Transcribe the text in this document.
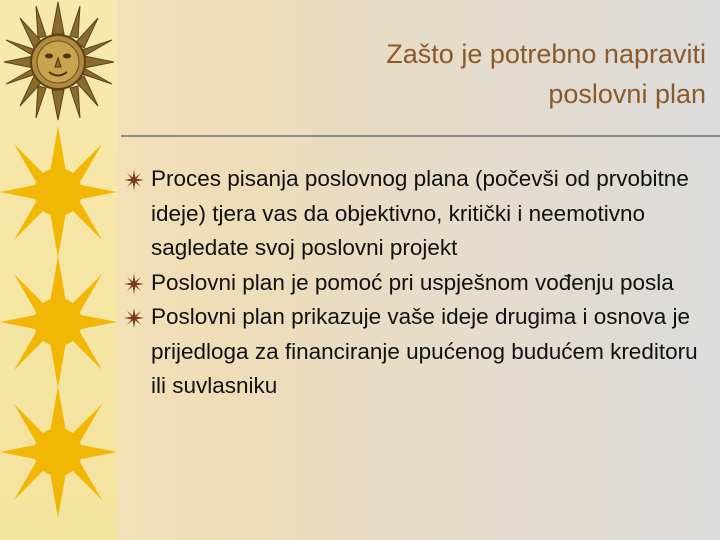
Zašto je potrebno napraviti
poslovni plan
Proces pisanja poslovnog plana (počevši od prvobitne ideje) tjera vas da objektivno, kritički i neemotivno sagledate svoj poslovni projekt
Poslovni plan je pomoć pri uspješnom vođenju posla
Poslovni plan prikazuje vaše ideje drugima i osnova je prijedloga za financiranje upućenog budućem kreditoru ili suvlasniku
